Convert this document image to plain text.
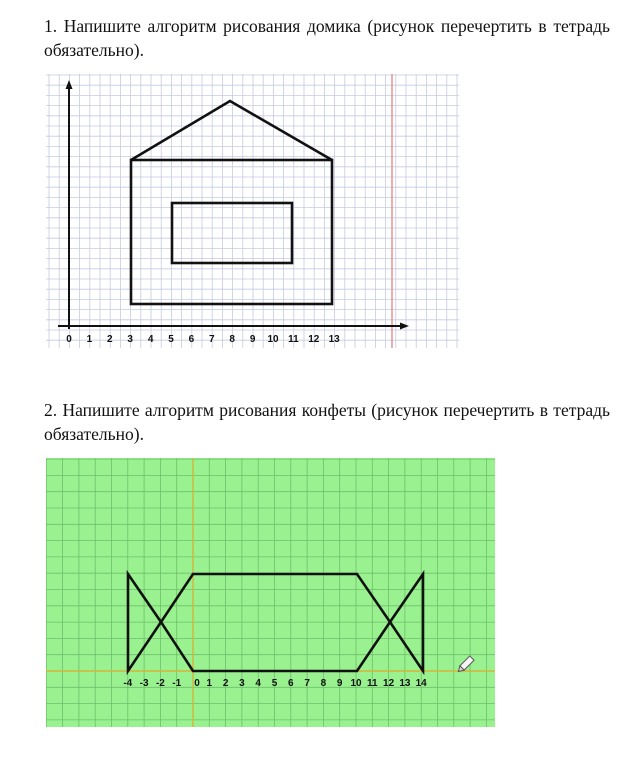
1. Напишите алгоритм рисования домика (рисунок перечертить в тетрадь обязательно).

0 1 2 3 4 5 6 7 8 9 10 11 12 13

2. Напишите алгоритм рисования конфеты (рисунок перечертить в тетрадь обязательно).

-4 -3 -2 -1 0 1 2 3 4 5 6 7 8 9 10 11 12 13 14
